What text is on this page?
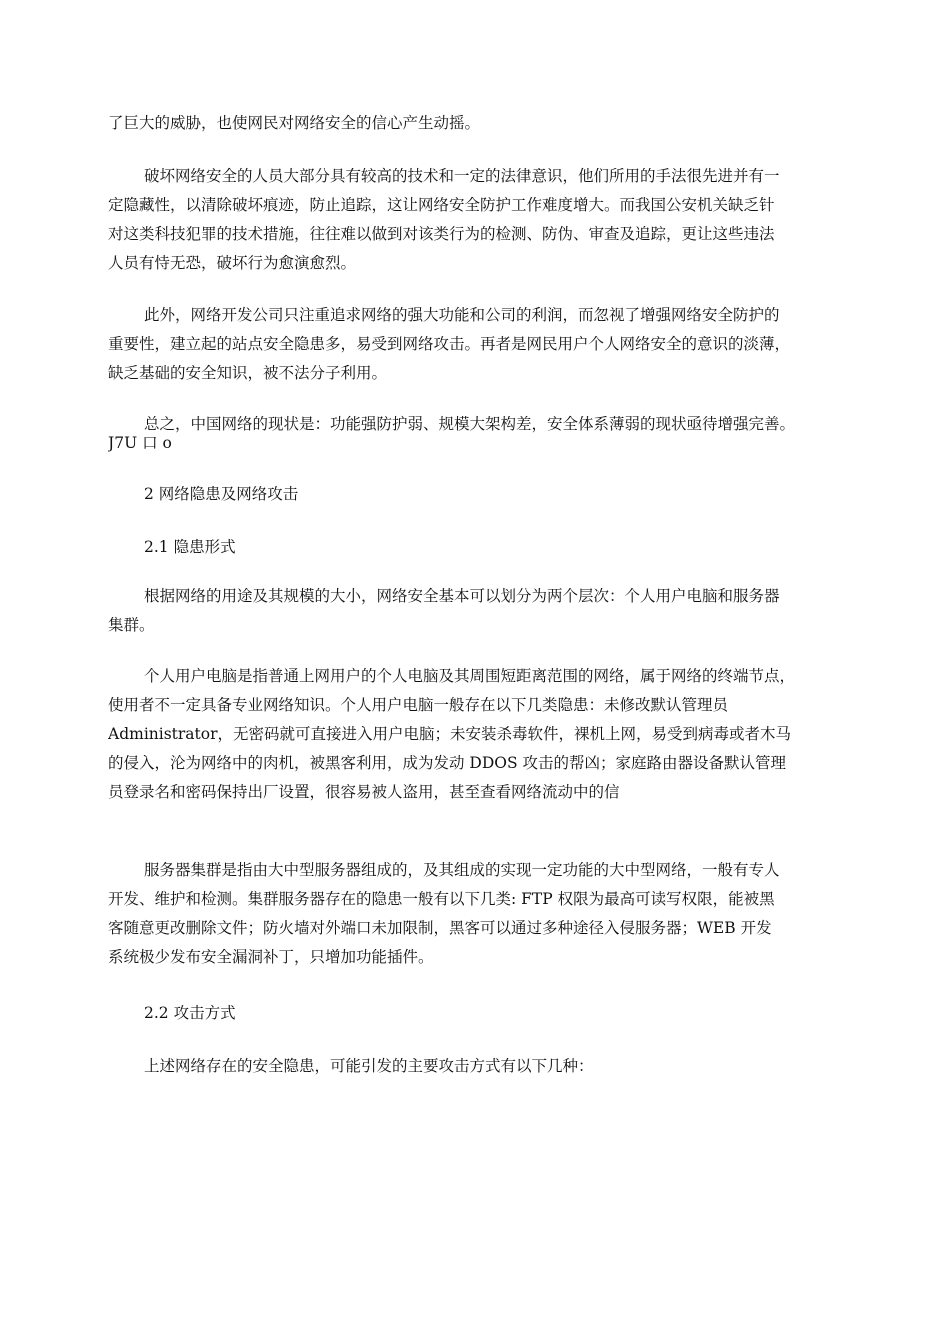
了巨大的威胁，也使网民对网络安全的信心产生动摇。
破坏网络安全的人员大部分具有较高的技术和一定的法律意识，他们所用的手法很先进并有一
定隐藏性，以清除破坏痕迹，防止追踪，这让网络安全防护工作难度增大。而我国公安机关缺乏针
对这类科技犯罪的技术措施，往往难以做到对该类行为的检测、防伪、审查及追踪，更让这些违法
人员有恃无恐，破坏行为愈演愈烈。
此外，网络开发公司只注重追求网络的强大功能和公司的利润，而忽视了增强网络安全防护的
重要性，建立起的站点安全隐患多，易受到网络攻击。再者是网民用户个人网络安全的意识的淡薄，
缺乏基础的安全知识，被不法分子利用。
总之，中国网络的现状是：功能强防护弱、规模大架构差，安全体系薄弱的现状亟待增强完善。
J7U 口 o
2 网络隐患及网络攻击
2.1 隐患形式
根据网络的用途及其规模的大小，网络安全基本可以划分为两个层次：个人用户电脑和服务器
集群。
个人用户电脑是指普通上网用户的个人电脑及其周围短距离范围的网络，属于网络的终端节点，
使用者不一定具备专业网络知识。个人用户电脑一般存在以下几类隐患：未修改默认管理员
Administrator，无密码就可直接进入用户电脑；未安装杀毒软件，裸机上网，易受到病毒或者木马
的侵入，沦为网络中的肉机，被黑客利用，成为发动 DDOS 攻击的帮凶；家庭路由器设备默认管理
员登录名和密码保持出厂设置，很容易被人盗用，甚至查看网络流动中的信
服务器集群是指由大中型服务器组成的，及其组成的实现一定功能的大中型网络，一般有专人
开发、维护和检测。集群服务器存在的隐患一般有以下几类: FTP 权限为最高可读写权限，能被黑
客随意更改删除文件；防火墙对外端口未加限制，黑客可以通过多种途径入侵服务器；WEB 开发
系统极少发布安全漏洞补丁，只增加功能插件。
2.2 攻击方式
上述网络存在的安全隐患，可能引发的主要攻击方式有以下几种：
